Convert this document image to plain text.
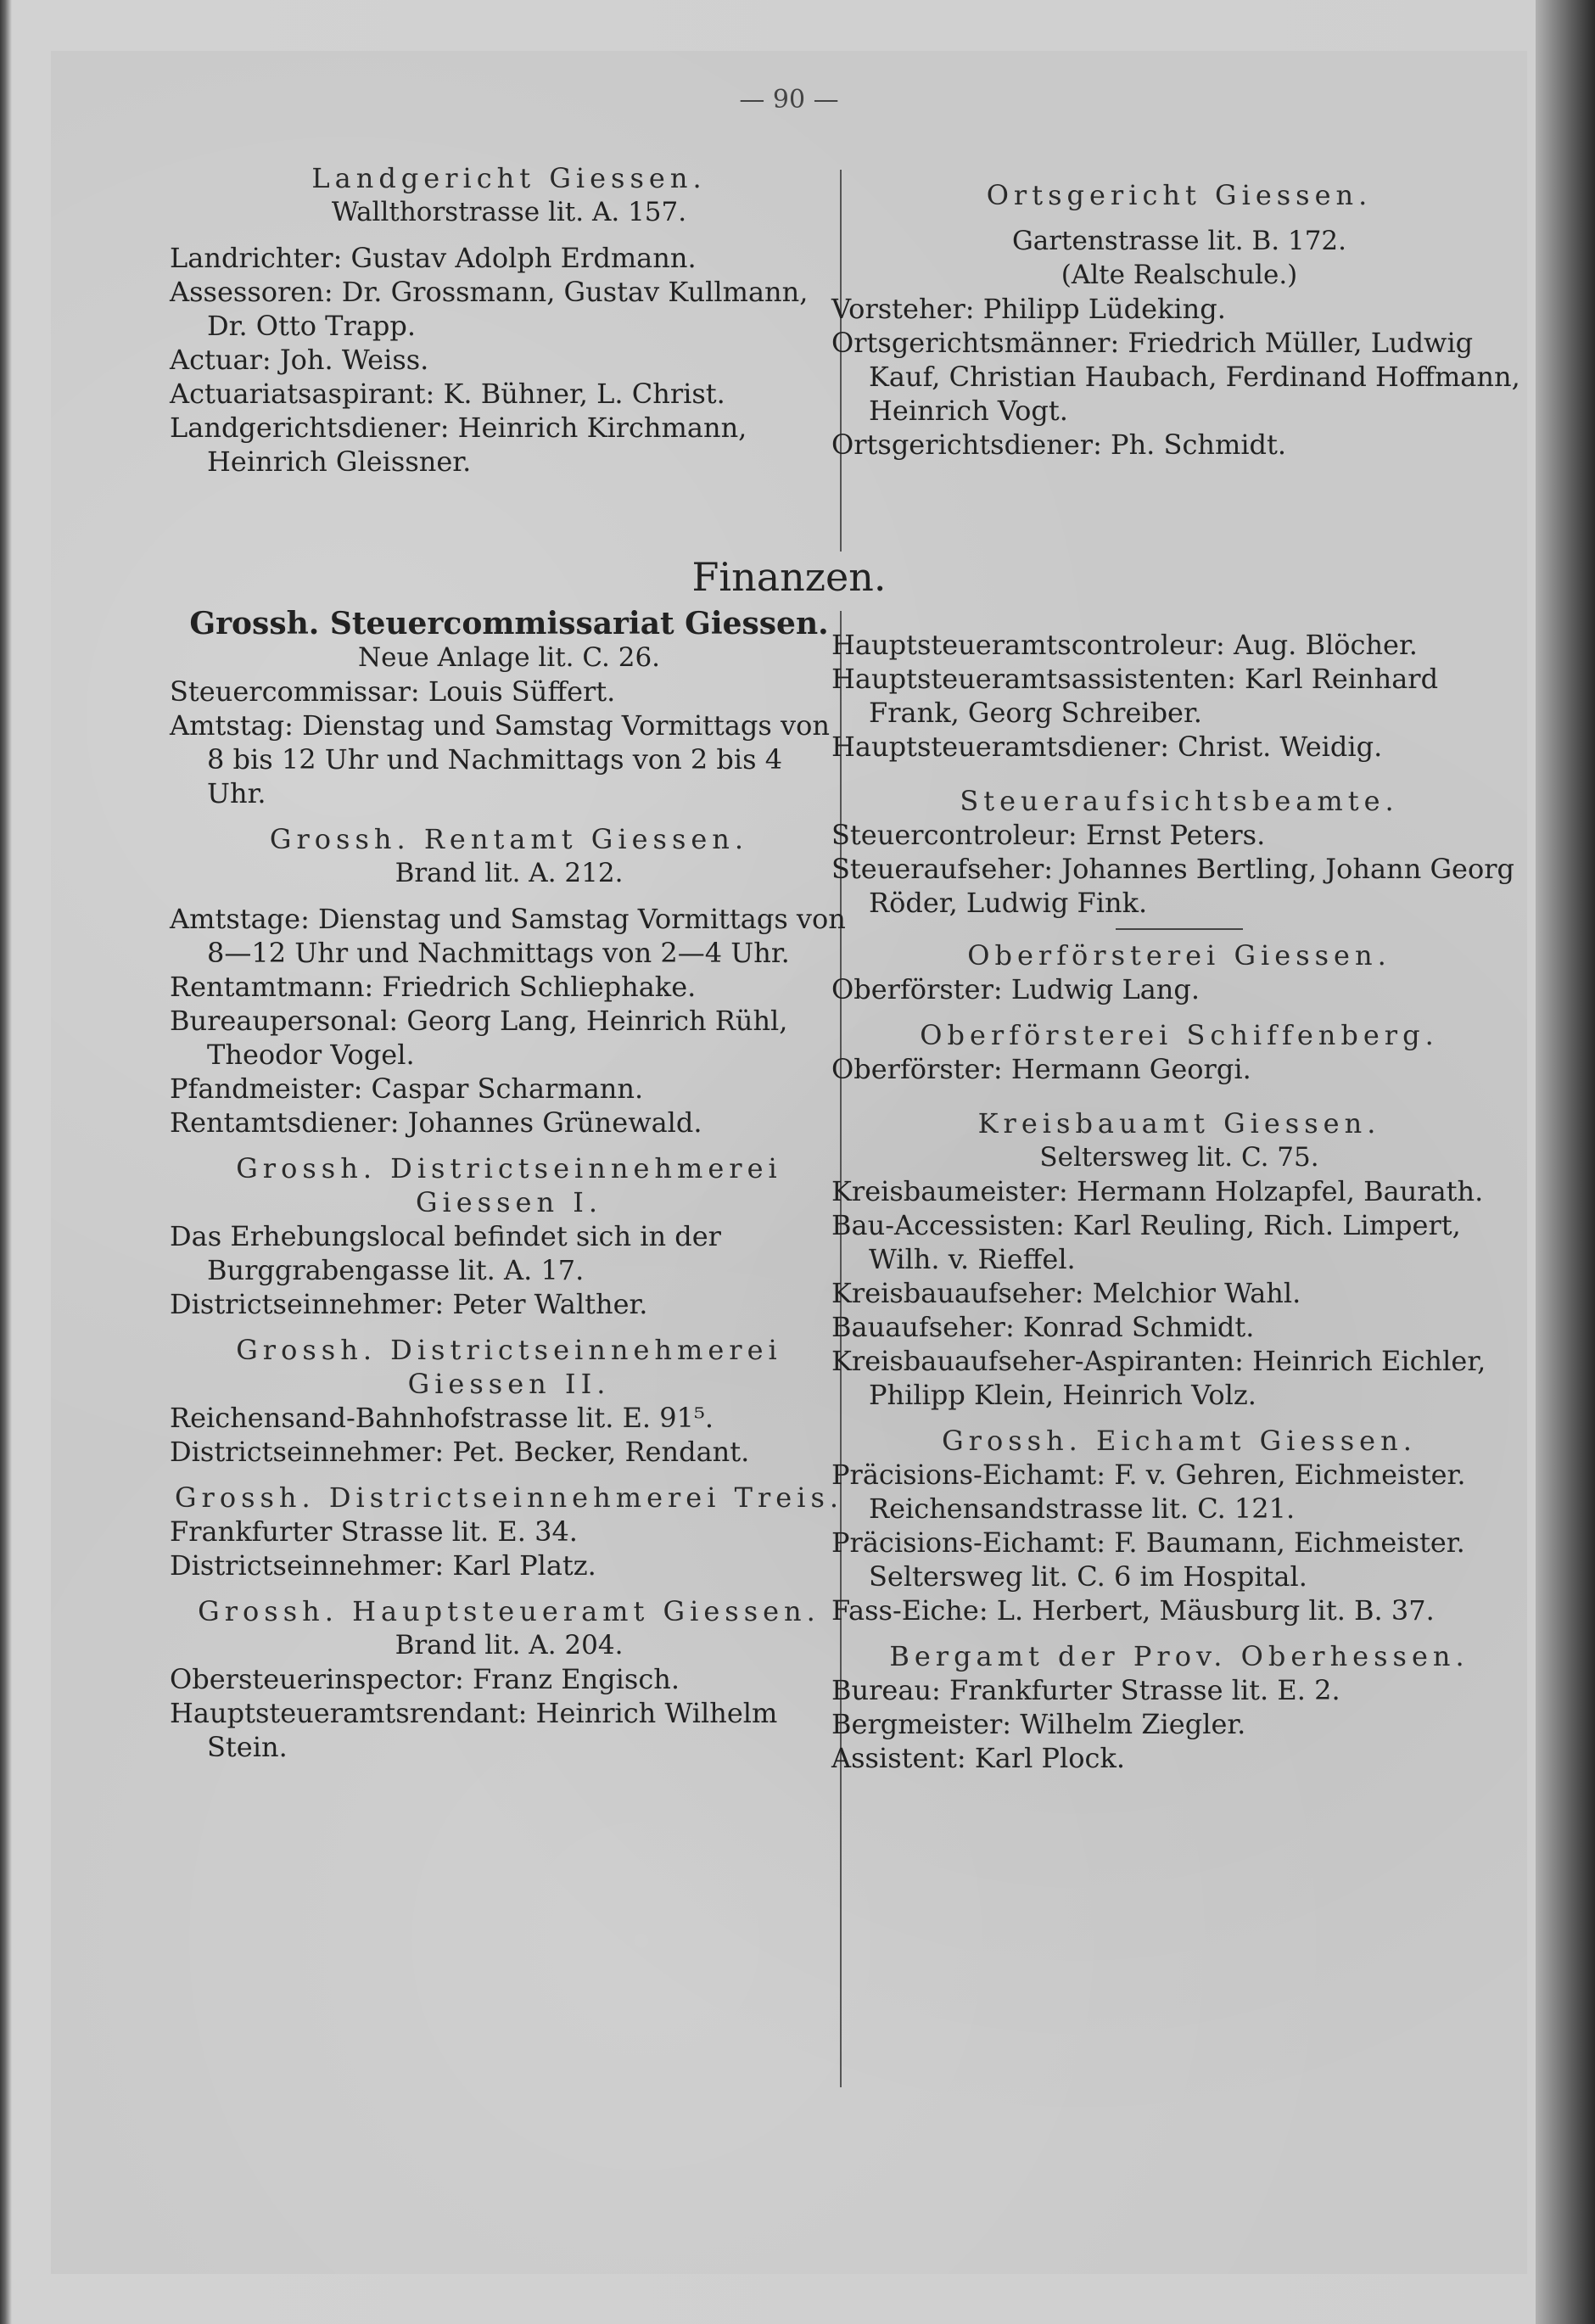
— 90 —
Landgericht Giessen.
Wallthorstrasse lit. A. 157.
Landrichter: Gustav Adolph Erdmann.
Assessoren: Dr. Grossmann, Gustav Kullmann, Dr. Otto Trapp.
Actuar: Joh. Weiss.
Actuariatsaspirant: K. Bühner, L. Christ.
Landgerichtsdiener: Heinrich Kirchmann, Heinrich Gleissner.
Ortsgericht Giessen.
Gartenstrasse lit. B. 172.
(Alte Realschule.)
Vorsteher: Philipp Lüdeking.
Ortsgerichtsmänner: Friedrich Müller, Ludwig Kauf, Christian Haubach, Ferdinand Hoffmann, Heinrich Vogt.
Ortsgerichtsdiener: Ph. Schmidt.
Finanzen.
Grossh. Steuercommissariat Giessen.
Neue Anlage lit. C. 26.
Steuercommissar: Louis Süffert.
Amtstag: Dienstag und Samstag Vormittags von 8 bis 12 Uhr und Nachmittags von 2 bis 4 Uhr.
Grossh. Rentamt Giessen.
Brand lit. A. 212.
Amtstage: Dienstag und Samstag Vormittags von 8—12 Uhr und Nachmittags von 2—4 Uhr.
Rentamtmann: Friedrich Schliephake.
Bureaupersonal: Georg Lang, Heinrich Rühl, Theodor Vogel.
Pfandmeister: Caspar Scharmann.
Rentamtsdiener: Johannes Grünewald.
Grossh. Districtseinnehmerei Giessen I.
Das Erhebungslocal befindet sich in der Burggrabengasse lit. A. 17.
Districtseinnehmer: Peter Walther.
Grossh. Districtseinnehmerei Giessen II.
Reichensand-Bahnhofstrasse lit. E. 91⁵.
Districtseinnehmer: Pet. Becker, Rendant.
Grossh. Districtseinnehmerei Treis.
Frankfurter Strasse lit. E. 34.
Districtseinnehmer: Karl Platz.
Grossh. Hauptsteueramt Giessen.
Brand lit. A. 204.
Obersteuerinspector: Franz Engisch.
Hauptsteueramtsrendant: Heinrich Wilhelm Stein.
Hauptsteueramtscontroleur: Aug. Blöcher.
Hauptsteueramtsassistenten: Karl Reinhard Frank, Georg Schreiber.
Hauptsteueramtsdiener: Christ. Weidig.
Steueraufsichtsbeamte.
Steuercontroleur: Ernst Peters.
Steueraufseher: Johannes Bertling, Johann Georg Röder, Ludwig Fink.
Oberförsterei Giessen.
Oberförster: Ludwig Lang.
Oberförsterei Schiffenberg.
Oberförster: Hermann Georgi.
Kreisbauamt Giessen.
Seltersweg lit. C. 75.
Kreisbaumeister: Hermann Holzapfel, Baurath.
Bau-Accessisten: Karl Reuling, Rich. Limpert, Wilh. v. Rieffel.
Kreisbauaufseher: Melchior Wahl.
Bauaufseher: Konrad Schmidt.
Kreisbauaufseher-Aspiranten: Heinrich Eichler, Philipp Klein, Heinrich Volz.
Grossh. Eichamt Giessen.
Präcisions-Eichamt: F. v. Gehren, Eichmeister. Reichensandstrasse lit. C. 121.
Präcisions-Eichamt: F. Baumann, Eichmeister. Seltersweg lit. C. 6 im Hospital.
Fass-Eiche: L. Herbert, Mäusburg lit. B. 37.
Bergamt der Prov. Oberhessen.
Bureau: Frankfurter Strasse lit. E. 2.
Bergmeister: Wilhelm Ziegler.
Assistent: Karl Plock.
